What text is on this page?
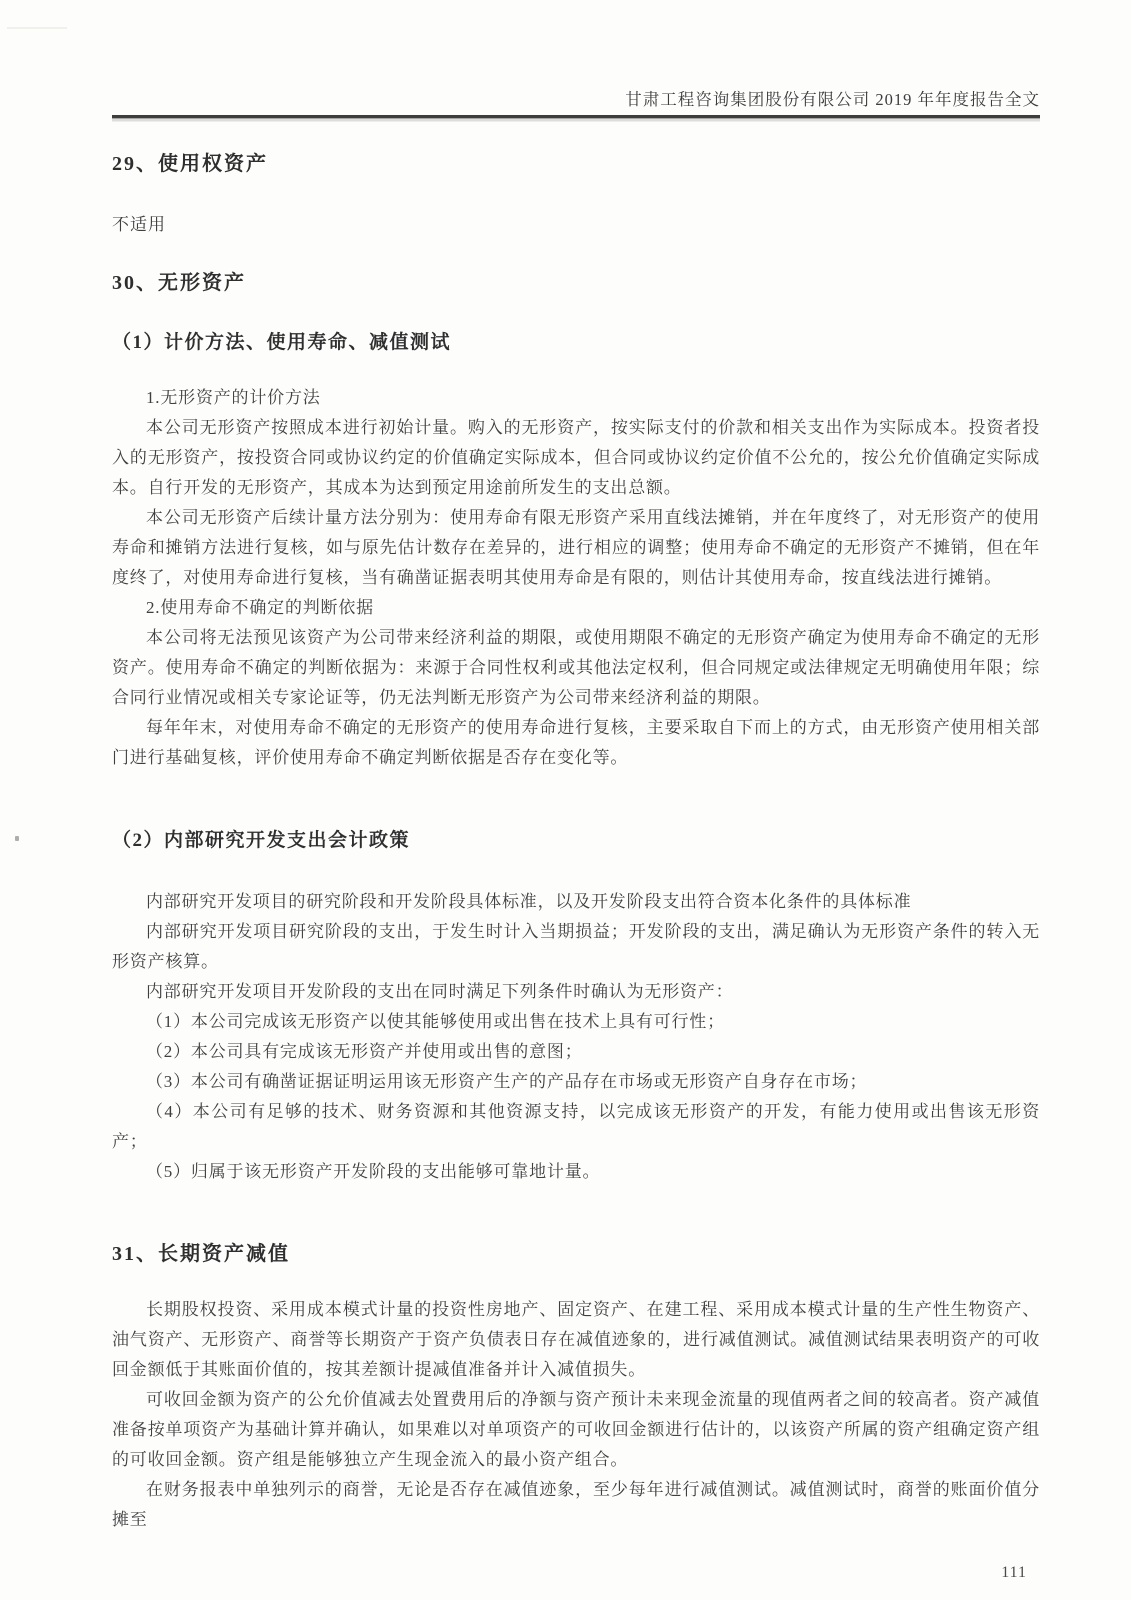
甘肃工程咨询集团股份有限公司 2019 年年度报告全文
29、使用权资产

不适用

30、无形资产
（1）计价方法、使用寿命、减值测试

1.无形资产的计价方法

本公司无形资产按照成本进行初始计量。购入的无形资产，按实际支付的价款和相关支出作为实际成本。投资者投入的无形资产，按投资合同或协议约定的价值确定实际成本，但合同或协议约定价值不公允的，按公允价值确定实际成本。自行开发的无形资产，其成本为达到预定用途前所发生的支出总额。

本公司无形资产后续计量方法分别为：使用寿命有限无形资产采用直线法摊销，并在年度终了，对无形资产的使用寿命和摊销方法进行复核，如与原先估计数存在差异的，进行相应的调整；使用寿命不确定的无形资产不摊销，但在年度终了，对使用寿命进行复核，当有确凿证据表明其使用寿命是有限的，则估计其使用寿命，按直线法进行摊销。

2.使用寿命不确定的判断依据

本公司将无法预见该资产为公司带来经济利益的期限，或使用期限不确定的无形资产确定为使用寿命不确定的无形资产。使用寿命不确定的判断依据为：来源于合同性权利或其他法定权利，但合同规定或法律规定无明确使用年限；综合同行业情况或相关专家论证等，仍无法判断无形资产为公司带来经济利益的期限。

每年年末，对使用寿命不确定的无形资产的使用寿命进行复核，主要采取自下而上的方式，由无形资产使用相关部门进行基础复核，评价使用寿命不确定判断依据是否存在变化等。

（2）内部研究开发支出会计政策

内部研究开发项目的研究阶段和开发阶段具体标准，以及开发阶段支出符合资本化条件的具体标准

内部研究开发项目研究阶段的支出，于发生时计入当期损益；开发阶段的支出，满足确认为无形资产条件的转入无形资产核算。

内部研究开发项目开发阶段的支出在同时满足下列条件时确认为无形资产：

（1）本公司完成该无形资产以使其能够使用或出售在技术上具有可行性；

（2）本公司具有完成该无形资产并使用或出售的意图；

（3）本公司有确凿证据证明运用该无形资产生产的产品存在市场或无形资产自身存在市场；

（4）本公司有足够的技术、财务资源和其他资源支持，以完成该无形资产的开发，有能力使用或出售该无形资产；

（5）归属于该无形资产开发阶段的支出能够可靠地计量。

31、长期资产减值

长期股权投资、采用成本模式计量的投资性房地产、固定资产、在建工程、采用成本模式计量的生产性生物资产、油气资产、无形资产、商誉等长期资产于资产负债表日存在减值迹象的，进行减值测试。减值测试结果表明资产的可收回金额低于其账面价值的，按其差额计提减值准备并计入减值损失。

可收回金额为资产的公允价值减去处置费用后的净额与资产预计未来现金流量的现值两者之间的较高者。资产减值准备按单项资产为基础计算并确认，如果难以对单项资产的可收回金额进行估计的，以该资产所属的资产组确定资产组的可收回金额。资产组是能够独立产生现金流入的最小资产组合。

在财务报表中单独列示的商誉，无论是否存在减值迹象，至少每年进行减值测试。减值测试时，商誉的账面价值分摊至

111
